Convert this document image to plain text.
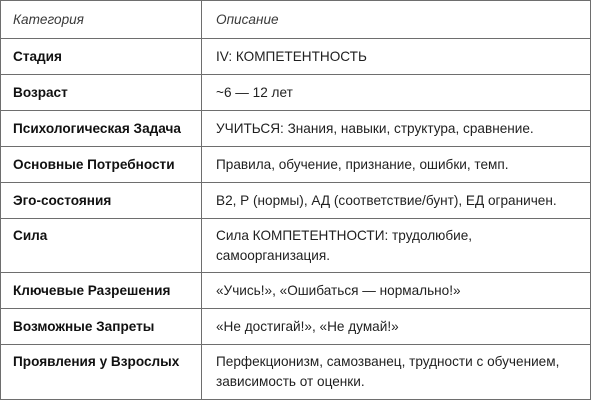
Категория	Описание
Стадия	IV: КОМПЕТЕНТНОСТЬ
Возраст	~6 — 12 лет
Психологическая Задача	УЧИТЬСЯ: Знания, навыки, структура, сравнение.
Основные Потребности	Правила, обучение, признание, ошибки, темп.
Эго-состояния	В2, Р (нормы), АД (соответствие/бунт), ЕД ограничен.
Сила	Сила КОМПЕТЕНТНОСТИ: трудолюбие, самоорганизация.
Ключевые Разрешения	«Учись!», «Ошибаться — нормально!»
Возможные Запреты	«Не достигай!», «Не думай!»
Проявления у Взрослых	Перфекционизм, самозванец, трудности с обучением, зависимость от оценки.
